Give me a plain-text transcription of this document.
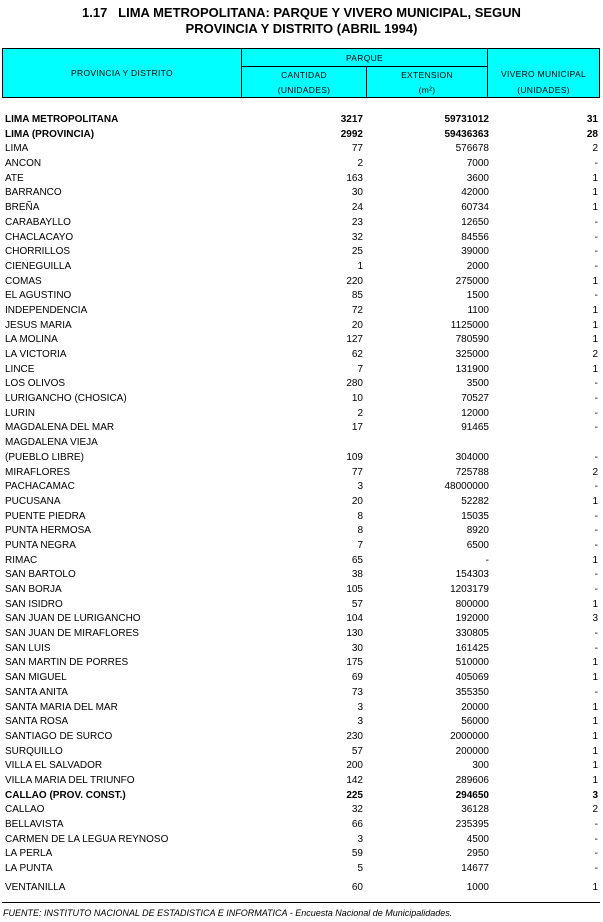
1.17   LIMA METROPOLITANA: PARQUE Y VIVERO MUNICIPAL, SEGUN
PROVINCIA Y DISTRITO (ABRIL 1994)
PROVINCIA Y DISTRITO
PARQUE
CANTIDAD
(UNIDADES)
EXTENSION
(m²)
VIVERO MUNICIPAL
(UNIDADES)
LIMA METROPOLITANA	3217	59731012	31
LIMA (PROVINCIA)	2992	59436363	28
LIMA	77	576678	2
ANCON	2	7000	-
ATE	163	3600	1
BARRANCO	30	42000	1
BREÑA	24	60734	1
CARABAYLLO	23	12650	-
CHACLACAYO	32	84556	-
CHORRILLOS	25	39000	-
CIENEGUILLA	1	2000	-
COMAS	220	275000	1
EL AGUSTINO	85	1500	-
INDEPENDENCIA	72	1100	1
JESUS MARIA	20	1125000	1
LA MOLINA	127	780590	1
LA VICTORIA	62	325000	2
LINCE	7	131900	1
LOS OLIVOS	280	3500	-
LURIGANCHO (CHOSICA)	10	70527	-
LURIN	2	12000	-
MAGDALENA DEL MAR	17	91465	-
MAGDALENA VIEJA
(PUEBLO LIBRE)	109	304000	-
MIRAFLORES	77	725788	2
PACHACAMAC	3	48000000	-
PUCUSANA	20	52282	1
PUENTE PIEDRA	8	15035	-
PUNTA HERMOSA	8	8920	-
PUNTA NEGRA	7	6500	-
RIMAC	65	-	1
SAN BARTOLO	38	154303	-
SAN BORJA	105	1203179	-
SAN ISIDRO	57	800000	1
SAN JUAN DE LURIGANCHO	104	192000	3
SAN JUAN DE MIRAFLORES	130	330805	-
SAN LUIS	30	161425	-
SAN MARTIN DE PORRES	175	510000	1
SAN MIGUEL	69	405069	1
SANTA ANITA	73	355350	-
SANTA MARIA DEL MAR	3	20000	1
SANTA ROSA	3	56000	1
SANTIAGO DE SURCO	230	2000000	1
SURQUILLO	57	200000	1
VILLA EL SALVADOR	200	300	1
VILLA MARIA DEL TRIUNFO	142	289606	1
CALLAO (PROV. CONST.)	225	294650	3
CALLAO	32	36128	2
BELLAVISTA	66	235395	-
CARMEN DE LA LEGUA REYNOSO	3	4500	-
LA PERLA	59	2950	-
LA PUNTA	5	14677	-
VENTANILLA	60	1000	1
FUENTE: INSTITUTO NACIONAL DE ESTADISTICA E INFORMATICA - Encuesta Nacional de Municipalidades.
